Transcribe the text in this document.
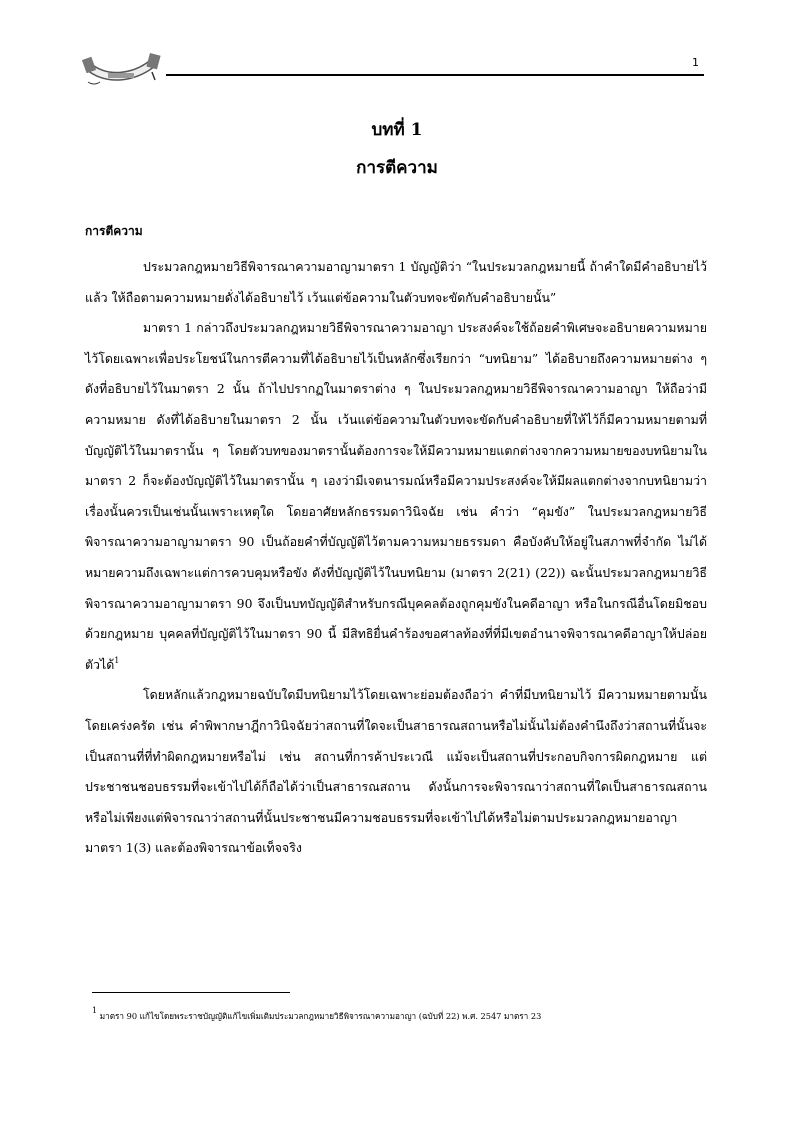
1
บทที่ 1
การตีความ
การตีความ

ประมวลกฎหมายวิธีพิจารณาความอาญามาตรา 1 บัญญัติว่า “ในประมวลกฎหมายนี้ ถ้าคำใดมีคำอธิบายไว้แล้ว ให้ถือตามความหมายดั่งได้อธิบายไว้ เว้นแต่ข้อความในตัวบทจะขัดกับคำอธิบายนั้น”

มาตรา 1 กล่าวถึงประมวลกฎหมายวิธีพิจารณาความอาญา ประสงค์จะใช้ถ้อยคำพิเศษจะอธิบายความหมายไว้โดยเฉพาะเพื่อประโยชน์ในการตีความที่ได้อธิบายไว้เป็นหลักซึ่งเรียกว่า “บทนิยาม” ได้อธิบายถึงความหมายต่าง ๆ ดังที่อธิบายไว้ในมาตรา 2 นั้น ถ้าไปปรากฏในมาตราต่าง ๆ ในประมวลกฎหมายวิธีพิจารณาความอาญา ให้ถือว่ามีความหมาย ดังที่ได้อธิบายในมาตรา 2 นั้น เว้นแต่ข้อความในตัวบทจะขัดกับคำอธิบายที่ให้ไว้ก็มีความหมายตามที่บัญญัติไว้ในมาตรานั้น ๆ โดยตัวบทของมาตรานั้นต้องการจะให้มีความหมายแตกต่างจากความหมายของบทนิยามในมาตรา 2 ก็จะต้องบัญญัติไว้ในมาตรานั้น ๆ เองว่ามีเจตนารมณ์หรือมีความประสงค์จะให้มีผลแตกต่างจากบทนิยามว่า เรื่องนั้นควรเป็นเช่นนั้นเพราะเหตุใด โดยอาศัยหลักธรรมดาวินิจฉัย เช่น คำว่า “คุมขัง” ในประมวลกฎหมายวิธีพิจารณาความอาญามาตรา 90 เป็นถ้อยคำที่บัญญัติไว้ตามความหมายธรรมดา คือบังคับให้อยู่ในสภาพที่จำกัด ไม่ได้ หมายความถึงเฉพาะแต่การควบคุมหรือขัง ดังที่บัญญัติไว้ในบทนิยาม (มาตรา 2(21) (22)) ฉะนั้นประมวลกฎหมายวิธีพิจารณาความอาญามาตรา 90 จึงเป็นบทบัญญัติสำหรับกรณีบุคคลต้องถูกคุมขังในคดีอาญา หรือในกรณีอื่นโดยมิชอบด้วยกฎหมาย บุคคลที่บัญญัติไว้ในมาตรา 90 นี้ มีสิทธิยื่นคำร้องขอศาลท้องที่ที่มีเขตอำนาจพิจารณาคดีอาญาให้ปล่อยตัวได้$^1$

โดยหลักแล้วกฎหมายฉบับใดมีบทนิยามไว้โดยเฉพาะย่อมต้องถือว่า คำที่มีบทนิยามไว้ มีความหมายตามนั้นโดยเคร่งครัด เช่น คำพิพากษาฎีกาวินิจฉัยว่าสถานที่ใดจะเป็นสาธารณสถานหรือไม่นั้นไม่ต้องคำนึงถึงว่าสถานที่นั้นจะเป็นสถานที่ที่ทำผิดกฎหมายหรือไม่ เช่น สถานที่การค้าประเวณี แม้จะเป็นสถานที่ประกอบกิจการผิดกฎหมาย แต่ประชาชนชอบธรรมที่จะเข้าไปได้ก็ถือได้ว่าเป็นสาธารณสถาน ดังนั้นการจะพิจารณาว่าสถานที่ใดเป็นสาธารณสถานหรือไม่เพียงแต่พิจารณาว่าสถานที่นั้นประชาชนมีความชอบธรรมที่จะเข้าไปได้หรือไม่ตามประมวลกฎหมายอาญามาตรา 1(3) และต้องพิจารณาข้อเท็จจริง

$^1$ มาตรา 90 แก้ไขโดยพระราชบัญญัติแก้ไขเพิ่มเติมประมวลกฎหมายวิธีพิจารณาความอาญา (ฉบับที่ 22) พ.ศ. 2547 มาตรา 23
